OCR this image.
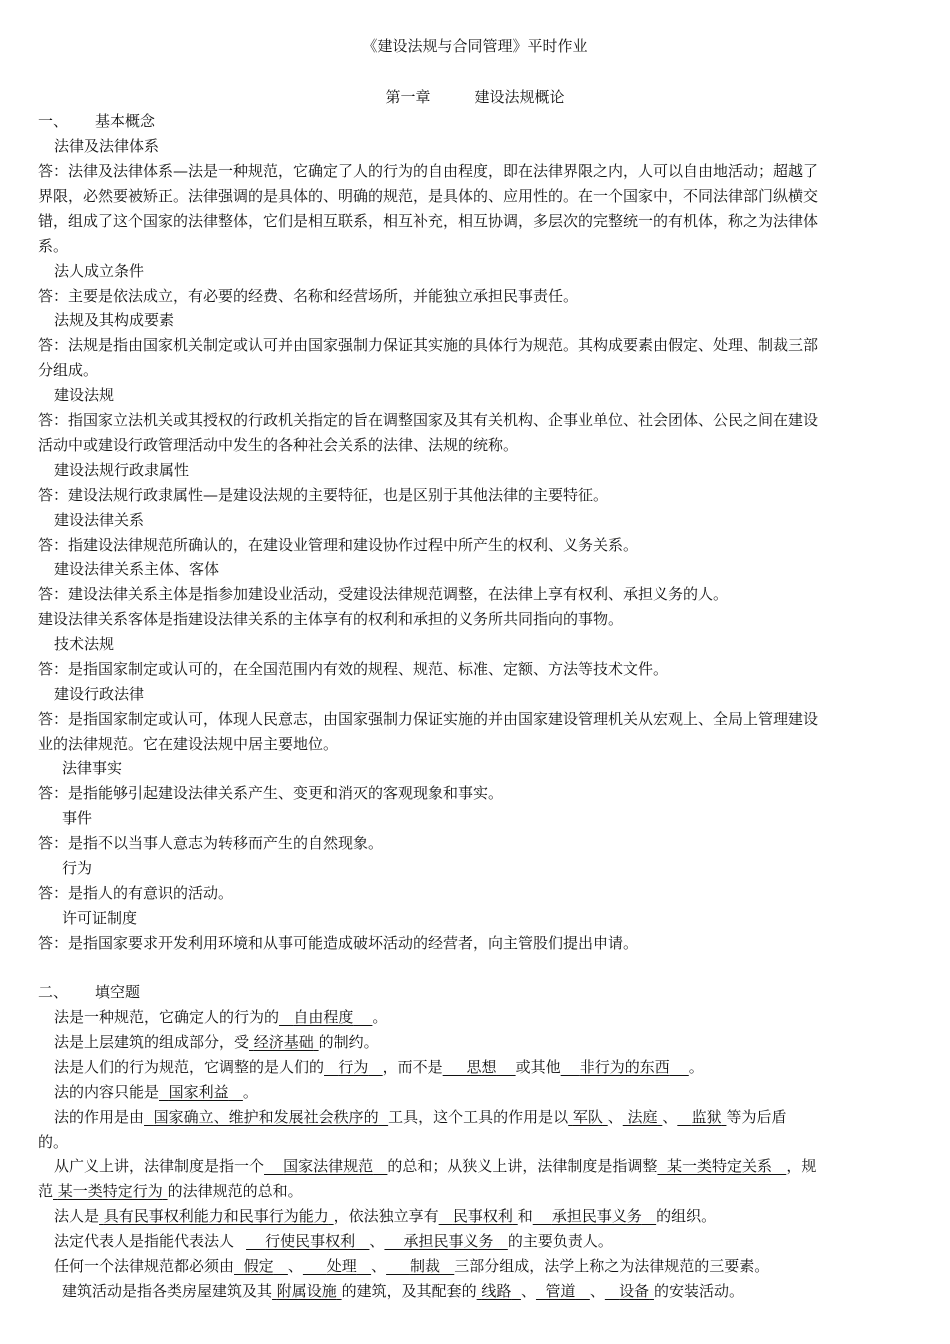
《建设法规与合同管理》平时作业
第一章	建设法规概论
一、 基本概念
法律及法律体系
答：法律及法律体系—法是一种规范，它确定了人的行为的自由程度，即在法律界限之内，人可以自由地活动；超越了
界限，必然要被矫正。法律强调的是具体的、明确的规范，是具体的、应用性的。在一个国家中，不同法律部门纵横交
错，组成了这个国家的法律整体，它们是相互联系，相互补充，相互协调，多层次的完整统一的有机体，称之为法律体
系。
法人成立条件
答：主要是依法成立，有必要的经费、名称和经营场所，并能独立承担民事责任。
法规及其构成要素
答：法规是指由国家机关制定或认可并由国家强制力保证其实施的具体行为规范。其构成要素由假定、处理、制裁三部
分组成。
建设法规
答：指国家立法机关或其授权的行政机关指定的旨在调整国家及其有关机构、企事业单位、社会团体、公民之间在建设
活动中或建设行政管理活动中发生的各种社会关系的法律、法规的统称。
建设法规行政隶属性
答：建设法规行政隶属性—是建设法规的主要特征，也是区别于其他法律的主要特征。
建设法律关系
答：指建设法律规范所确认的，在建设业管理和建设协作过程中所产生的权利、义务关系。
建设法律关系主体、客体
答：建设法律关系主体是指参加建设业活动，受建设法律规范调整，在法律上享有权利、承担义务的人。
建设法律关系客体是指建设法律关系的主体享有的权利和承担的义务所共同指向的事物。
技术法规
答：是指国家制定或认可的，在全国范围内有效的规程、规范、标准、定额、方法等技术文件。
建设行政法律
答：是指国家制定或认可，体现人民意志，由国家强制力保证实施的并由国家建设管理机关从宏观上、全局上管理建设
业的法律规范。它在建设法规中居主要地位。
法律事实
答：是指能够引起建设法律关系产生、变更和消灭的客观现象和事实。
事件
答：是指不以当事人意志为转移而产生的自然现象。
行为
答：是指人的有意识的活动。
许可证制度
答：是指国家要求开发利用环境和从事可能造成破坏活动的经营者，向主管股们提出申请。
二、 填空题
法是一种规范，它确定人的行为的 自由程度 。
法是上层建筑的组成部分，受 经济基础 的制约。
法是人们的行为规范，它调整的是人们的 行为 ，而不是 思想 或其他 非行为的东西 。
法的内容只能是 国家利益 。
法的作用是由 国家确立、维护和发展社会秩序的 工具，这个工具的作用是以 军队 、 法庭 、 监狱 等为后盾
的。
从广义上讲，法律制度是指一个 国家法律规范 的总和；从狭义上讲，法律制度是指调整 某一类特定关系 ，规
范 某一类特定行为 的法律规范的总和。
法人是 具有民事权利能力和民事行为能力 ，依法独立享有 民事权利 和 承担民事义务 的组织。
法定代表人是指能代表法人 行使民事权利 、 承担民事义务 的主要负责人。
任何一个法律规范都必须由 假定 、 处理 、 制裁 三部分组成，法学上称之为法律规范的三要素。
建筑活动是指各类房屋建筑及其 附属设施 的建筑，及其配套的 线路 、 管道 、 设备 的安装活动。
